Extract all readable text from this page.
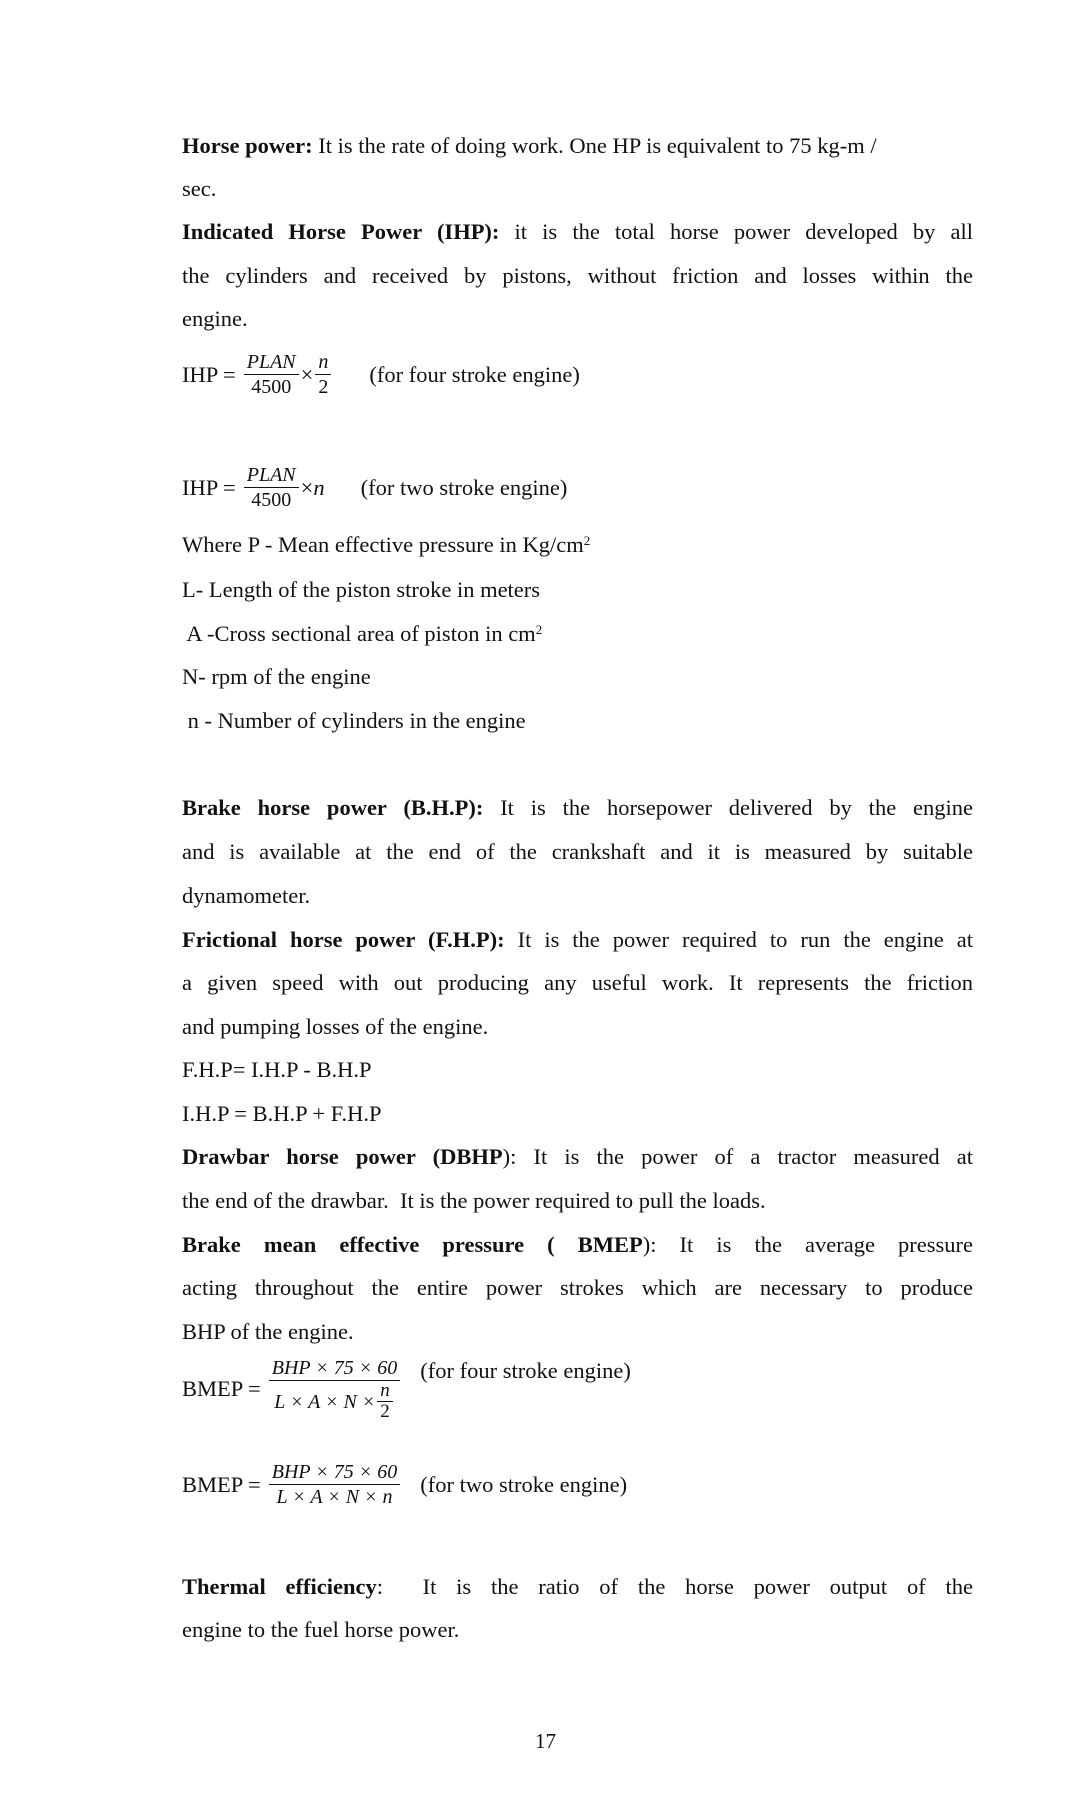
Horse power: It is the rate of doing work. One HP is equivalent to 75 kg-m /
sec.
Indicated Horse Power (IHP): it is the total horse power developed by all
the cylinders and received by pistons, without friction and losses within the
engine.
IHP = $\frac{\text{PLAN}}{4500} \times \frac{n}{2} (for$ four stroke engine)
IHP = $\frac{\text{PLAN}}{4500} \times n$ (for two stroke engine)
Where P - Mean effective pressure in $Kg/cm^2$
L- Length of the piston stroke in meters
A -Cross sectional area of piston in $cm^2$
N- rpm of the engine
n - Number of cylinders in the engine
Brake horse power (B.H.P): It is the horsepower delivered by the engine
and is available at the end of the crankshaft and it is measured by suitable
dynamometer.
Frictional horse power (F.H.P): It is the power required to run the engine at
a given speed with out producing any useful work. It represents the friction
and pumping losses of the engine.
F.H.P= I.H.P - B.H.P
I.H.P = B.H.P + F.H.P
Drawbar horse power (DBHP): It is the power of a tractor measured at
the end of the drawbar.  It is the power required to pull the loads.
Brake mean effective pressure ( BMEP): It is the average pressure
acting throughout the entire power strokes which are necessary to produce
BHP of the engine.
BMEP = $\frac{\text{BHP × 75 × 60}}{L \times A \times N \times \frac{n}{2}} (for$ four stroke engine)
BMEP = $\frac{\text{BHP × 75 × 60}}{L \times A \times N \times n} (for$ two stroke engine)
Thermal efficiency:  It is the ratio of the horse power output of the
engine to the fuel horse power.
17
